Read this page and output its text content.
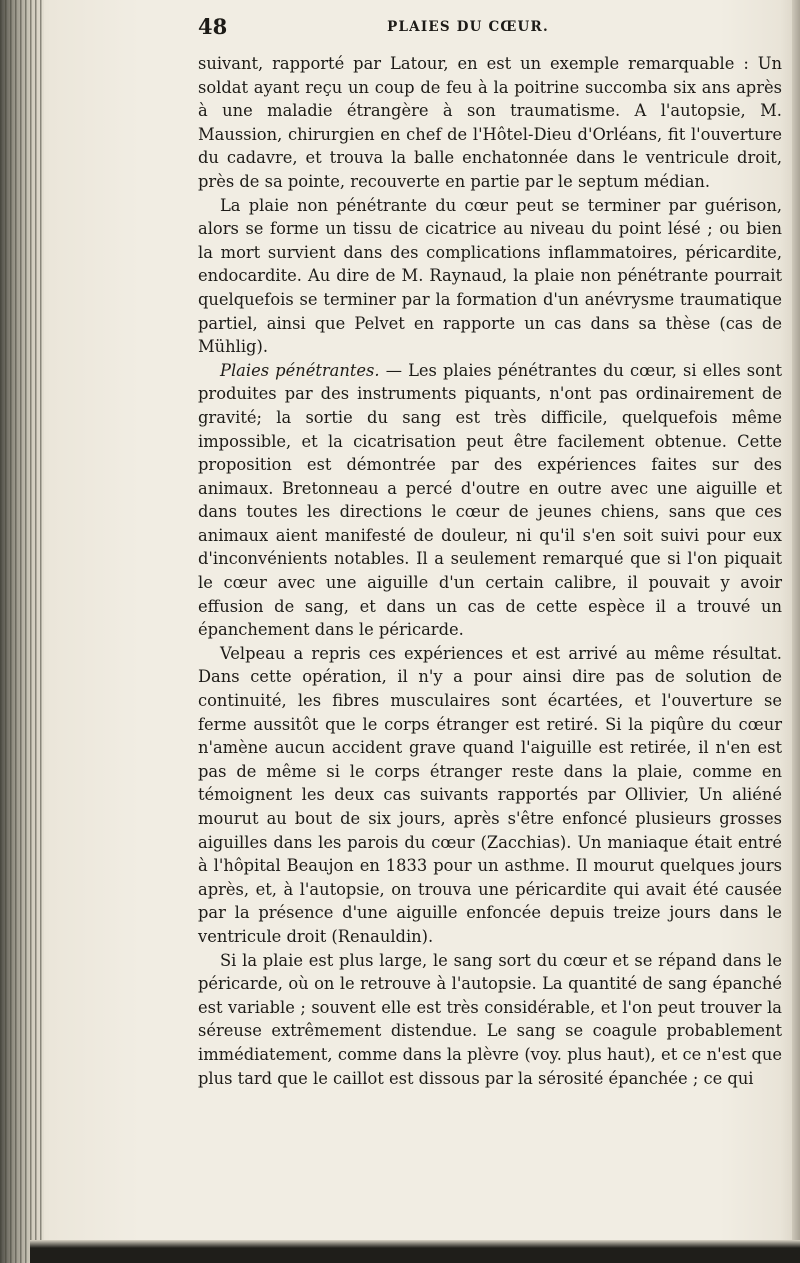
48	PLAIES DU CŒUR.

suivant, rapporté par Latour, en est un exemple remarquable : Un soldat ayant reçu un coup de feu à la poitrine succomba six ans après à une maladie étrangère à son traumatisme. A l'autopsie, M. Maussion, chirurgien en chef de l'Hôtel-Dieu d'Orléans, fit l'ouverture du cadavre, et trouva la balle enchatonnée dans le ventricule droit, près de sa pointe, recouverte en partie par le septum médian.

La plaie non pénétrante du cœur peut se terminer par guérison, alors se forme un tissu de cicatrice au niveau du point lésé ; ou bien la mort survient dans des complications inflammatoires, péricardite, endocardite. Au dire de M. Raynaud, la plaie non pénétrante pourrait quelquefois se terminer par la formation d'un anévrysme traumatique partiel, ainsi que Pelvet en rapporte un cas dans sa thèse (cas de Mühlig).

Plaies pénétrantes. — Les plaies pénétrantes du cœur, si elles sont produites par des instruments piquants, n'ont pas ordinairement de gravité; la sortie du sang est très difficile, quelquefois même impossible, et la cicatrisation peut être facilement obtenue. Cette proposition est démontrée par des expériences faites sur des animaux. Bretonneau a percé d'outre en outre avec une aiguille et dans toutes les directions le cœur de jeunes chiens, sans que ces animaux aient manifesté de douleur, ni qu'il s'en soit suivi pour eux d'inconvénients notables. Il a seulement remarqué que si l'on piquait le cœur avec une aiguille d'un certain calibre, il pouvait y avoir effusion de sang, et dans un cas de cette espèce il a trouvé un épanchement dans le péricarde.

Velpeau a repris ces expériences et est arrivé au même résultat. Dans cette opération, il n'y a pour ainsi dire pas de solution de continuité, les fibres musculaires sont écartées, et l'ouverture se ferme aussitôt que le corps étranger est retiré. Si la piqûre du cœur n'amène aucun accident grave quand l'aiguille est retirée, il n'en est pas de même si le corps étranger reste dans la plaie, comme en témoignent les deux cas suivants rapportés par Ollivier, Un aliéné mourut au bout de six jours, après s'être enfoncé plusieurs grosses aiguilles dans les parois du cœur (Zacchias). Un maniaque était entré à l'hôpital Beaujon en 1833 pour un asthme. Il mourut quelques jours après, et, à l'autopsie, on trouva une péricardite qui avait été causée par la présence d'une aiguille enfoncée depuis treize jours dans le ventricule droit (Renauldin).

Si la plaie est plus large, le sang sort du cœur et se répand dans le péricarde, où on le retrouve à l'autopsie. La quantité de sang épanché est variable ; souvent elle est très considérable, et l'on peut trouver la séreuse extrêmement distendue. Le sang se coagule probablement immédiatement, comme dans la plèvre (voy. plus haut), et ce n'est que plus tard que le caillot est dissous par la sérosité épanchée ; ce qui
